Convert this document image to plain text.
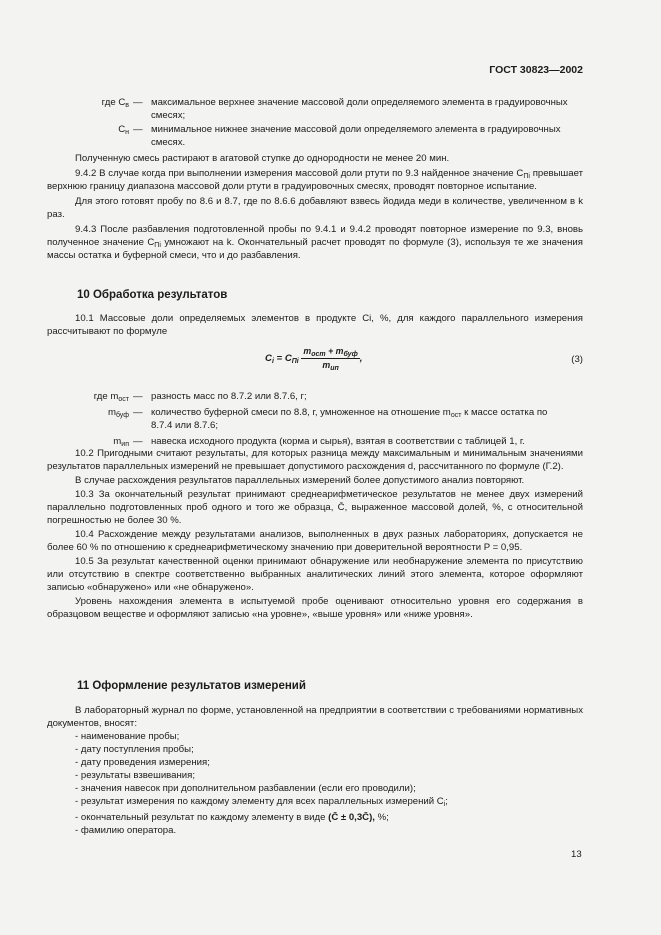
ГОСТ 30823—2002
где $C_в$ — максимальное верхнее значение массовой доли определяемого элемента в градуировочных
смесях;
$C_н$ — минимальное нижнее значение массовой доли определяемого элемента в градуировочных
смесях.

Полученную смесь растирают в агатовой ступке до однородности не менее 20 мин.

9.4.2 В случае когда при выполнении измерения массовой доли ртути по 9.3 найденное значение $C_{Пi}$ превышает верхнюю границу диапазона массовой доли ртути в градуировочных смесях, проводят повторное испытание.

Для этого готовят пробу по 8.6 и 8.7, где по 8.6.6 добавляют взвесь йодида меди в количестве, увеличенном в k раз.

9.4.3 После разбавления подготовленной пробы по 9.4.1 и 9.4.2 проводят повторное измерение по 9.3, вновь полученное значение $C_{Пi}$ умножают на k. Окончательный расчет проводят по формуле (3), используя те же значения массы остатка и буферной смеси, что и до разбавления.

10 Обработка результатов

10.1 Массовые доли определяемых элементов в продукте Ci, %, для каждого параллельного измерения рассчитывают по формуле

$C_i = C_{Пi} \frac{m_{ост} + m_{буф}}{m_{ип}}$ ,	(3)
где $m_{ост}$ — разность масс по 8.7.2 или 8.7.6, г;
$m_{буф}$ — количество буферной смеси по 8.8, г, умноженное на отношение $m_{ост}$ к массе остатка по
8.7.4 или 8.7.6;
$m_{ип}$ — навеска исходного продукта (корма и сырья), взятая в соответствии с таблицей 1, г.

10.2 Пригодными считают результаты, для которых разница между максимальным и минимальным значениями результатов параллельных измерений не превышает допустимого расхождения d, рассчитанного по формуле (Г.2).

В случае расхождения результатов параллельных измерений более допустимого анализ повторяют.

10.3 За окончательный результат принимают среднеарифметическое результатов не менее двух измерений параллельно подготовленных проб одного и того же образца, C̄, выраженное массовой долей, %, с относительной погрешностью не более 30 %.

10.4 Расхождение между результатами анализов, выполненных в двух разных лабораториях, допускается не более 60 % по отношению к среднеарифметическому значению при доверительной вероятности P = 0,95.

10.5 За результат качественной оценки принимают обнаружение или необнаружение элемента по присутствию или отсутствию в спектре соответственно выбранных аналитических линий этого элемента, которое оформляют записью «обнаружено» или «не обнаружено».

Уровень нахождения элемента в испытуемой пробе оценивают относительно уровня его содержания в образцовом веществе и оформляют записью «на уровне», «выше уровня» или «ниже уровня».

11 Оформление результатов измерений

В лабораторный журнал по форме, установленной на предприятии в соответствии с требованиями нормативных документов, вносят:

- наименование пробы;
- дату поступления пробы;
- дату проведения измерения;
- результаты взвешивания;
- значения навесок при дополнительном разбавлении (если его проводили);
- результат измерения по каждому элементу для всех параллельных измерений $C_i$;
- окончательный результат по каждому элементу в виде (C̄ ± 0,3C̄), %;
- фамилию оператора.
13
